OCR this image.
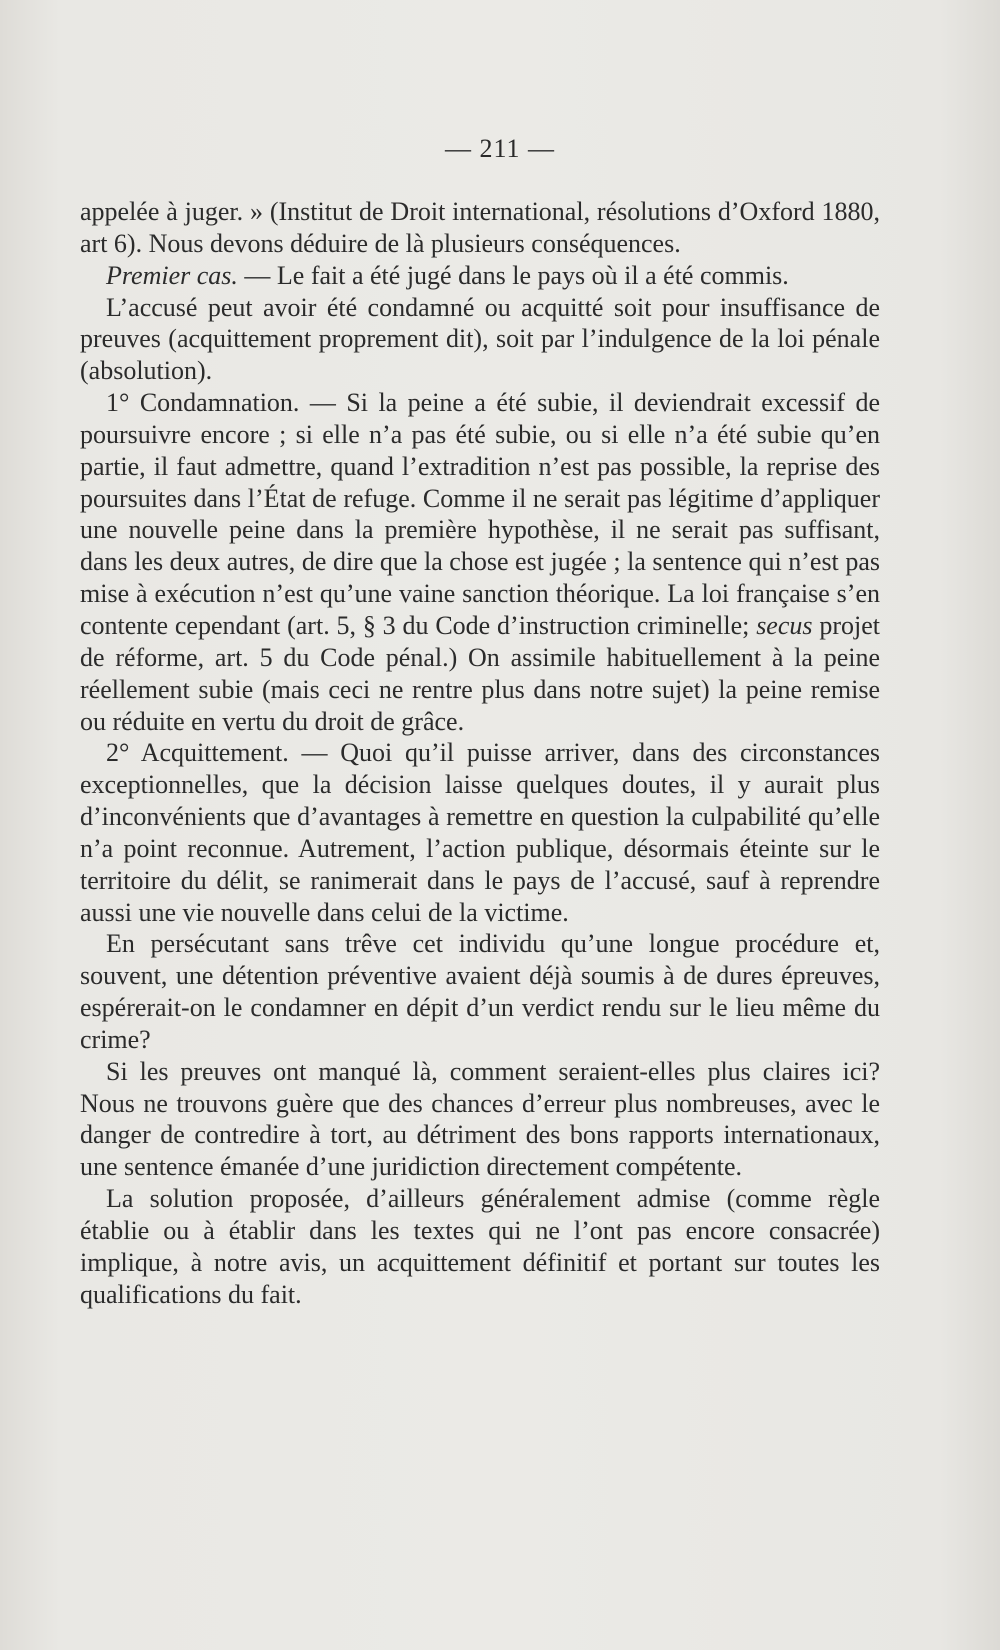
— 211 —

appelée à juger. » (Institut de Droit international, résolutions d’Oxford 1880, art 6). Nous devons déduire de là plusieurs conséquences.

Premier cas. — Le fait a été jugé dans le pays où il a été commis.

L’accusé peut avoir été condamné ou acquitté soit pour insuffisance de preuves (acquittement proprement dit), soit par l’indulgence de la loi pénale (absolution).

1° Condamnation. — Si la peine a été subie, il deviendrait excessif de poursuivre encore ; si elle n’a pas été subie, ou si elle n’a été subie qu’en partie, il faut admettre, quand l’extradition n’est pas possible, la reprise des poursuites dans l’État de refuge. Comme il ne serait pas légitime d’appliquer une nouvelle peine dans la première hypothèse, il ne serait pas suffisant, dans les deux autres, de dire que la chose est jugée ; la sentence qui n’est pas mise à exécution n’est qu’une vaine sanction théorique. La loi française s’en contente cependant (art. 5, § 3 du Code d’instruction criminelle; secus projet de réforme, art. 5 du Code pénal.) On assimile habituellement à la peine réellement subie (mais ceci ne rentre plus dans notre sujet) la peine remise ou réduite en vertu du droit de grâce.

2° Acquittement. — Quoi qu’il puisse arriver, dans des circonstances exceptionnelles, que la décision laisse quelques doutes, il y aurait plus d’inconvénients que d’avantages à remettre en question la culpabilité qu’elle n’a point reconnue. Autrement, l’action publique, désormais éteinte sur le territoire du délit, se ranimerait dans le pays de l’accusé, sauf à reprendre aussi une vie nouvelle dans celui de la victime.

En persécutant sans trêve cet individu qu’une longue procédure et, souvent, une détention préventive avaient déjà soumis à de dures épreuves, espérerait-on le condamner en dépit d’un verdict rendu sur le lieu même du crime?

Si les preuves ont manqué là, comment seraient-elles plus claires ici? Nous ne trouvons guère que des chances d’erreur plus nombreuses, avec le danger de contredire à tort, au détriment des bons rapports internationaux, une sentence émanée d’une juridiction directement compétente.

La solution proposée, d’ailleurs généralement admise (comme règle établie ou à établir dans les textes qui ne l’ont pas encore consacrée) implique, à notre avis, un acquittement définitif et portant sur toutes les qualifications du fait.
